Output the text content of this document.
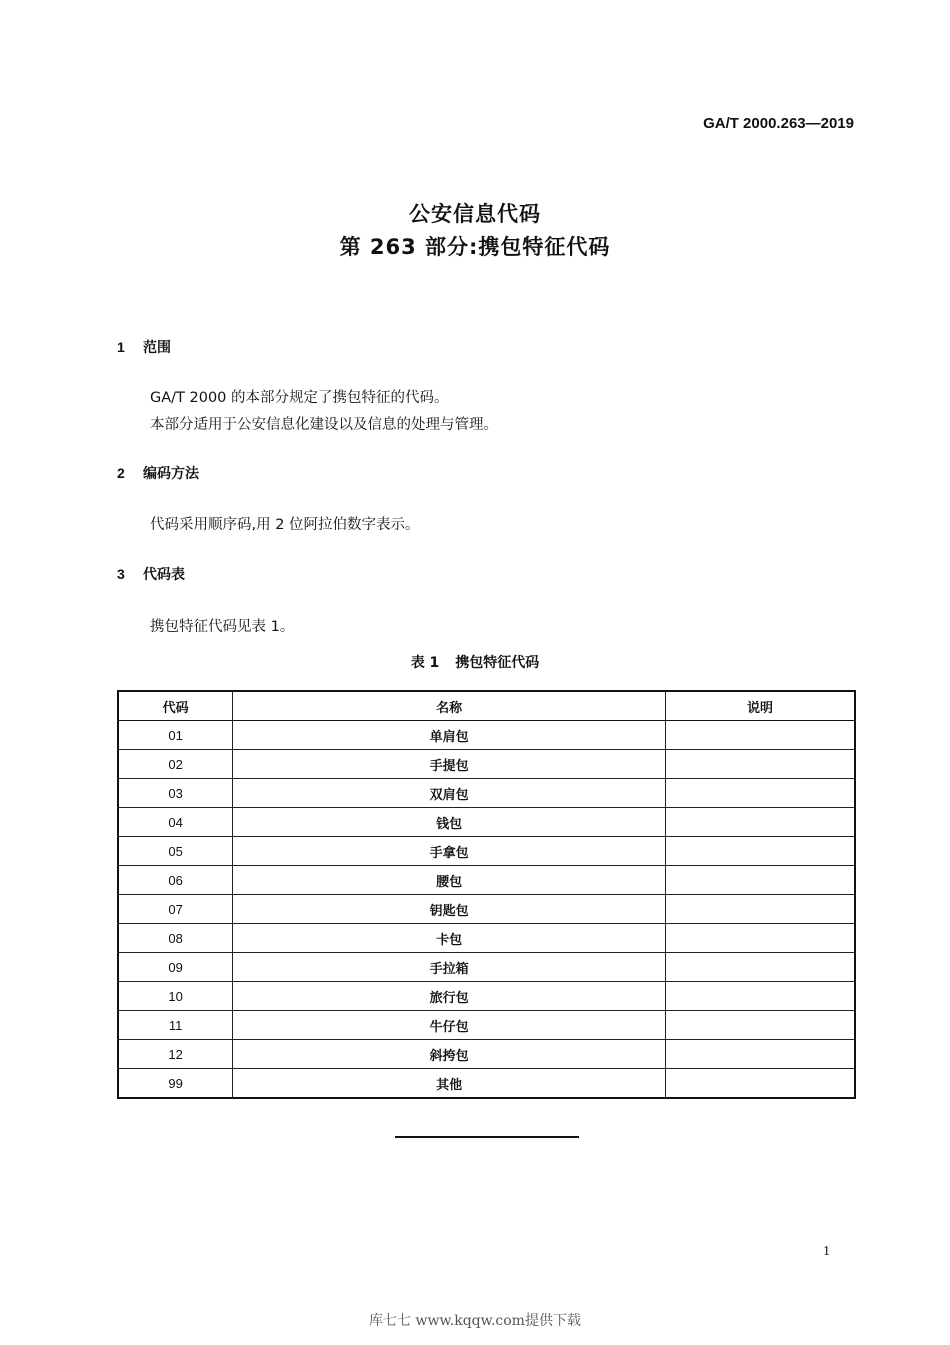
GA/T 2000.263—2019
公安信息代码
第 263 部分:携包特征代码
1 范围
GA/T 2000 的本部分规定了携包特征的代码。
本部分适用于公安信息化建设以及信息的处理与管理。
2 编码方法
代码采用顺序码,用 2 位阿拉伯数字表示。
3 代码表
携包特征代码见表 1。
表 1 携包特征代码
代码	名称	说明
01	单肩包	
02	手提包	
03	双肩包	
04	钱包	
05	手拿包	
06	腰包	
07	钥匙包	
08	卡包	
09	手拉箱	
10	旅行包	
11	牛仔包	
12	斜挎包	
99	其他	
1
库七七 www.kqqw.com提供下载
